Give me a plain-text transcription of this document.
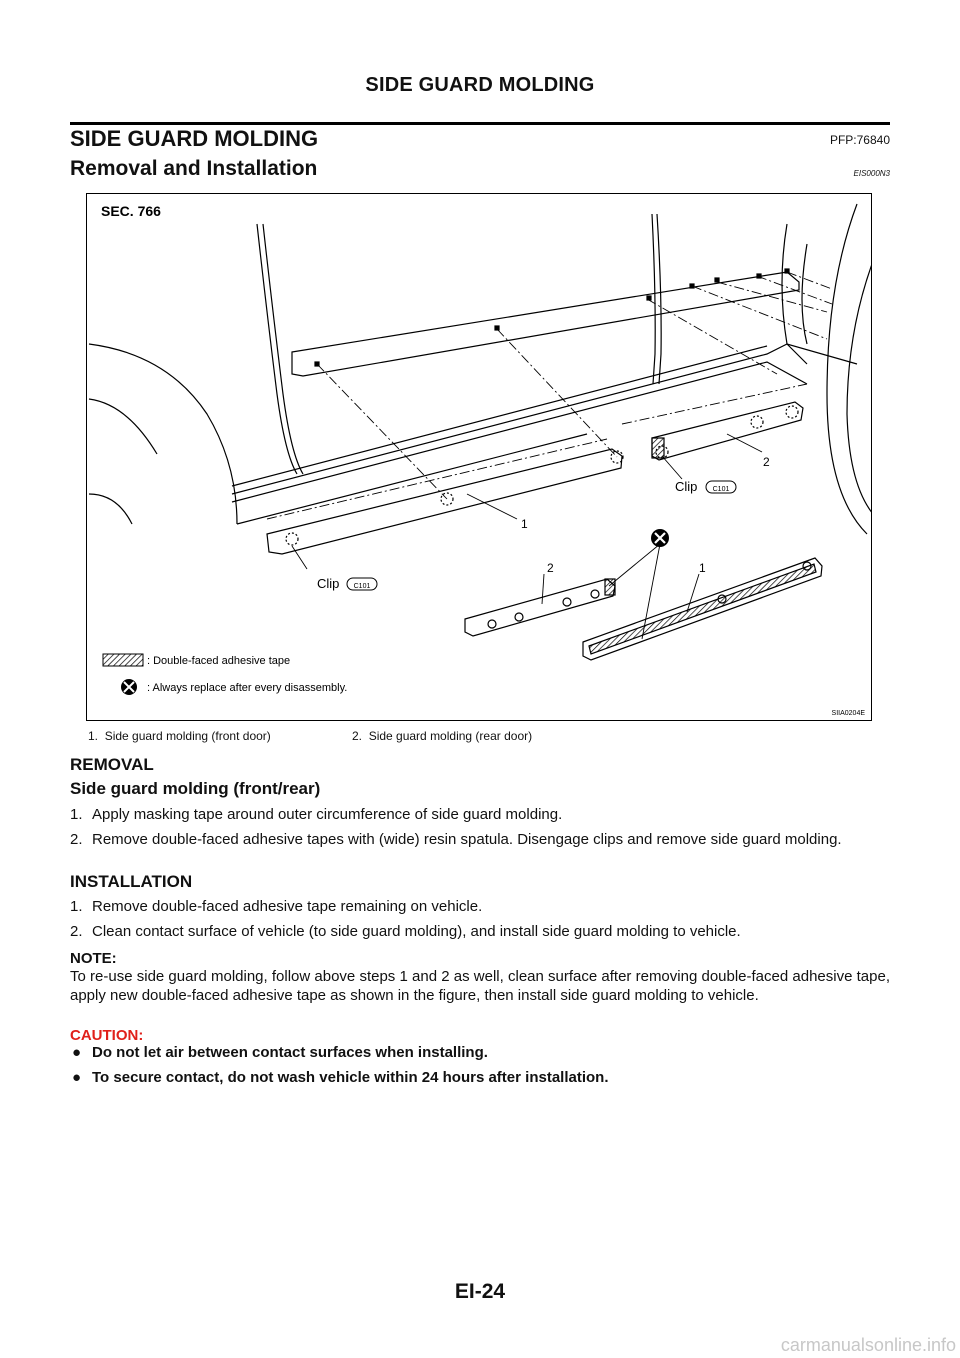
SIDE GUARD MOLDING
SIDE GUARD MOLDING	PFP:76840
Removal and Installation	EIS000N3
SEC. 766
1
2
2	1
Clip C101
Clip C101
: Double-faced adhesive tape
: Always replace after every disassembly.
SIIA0204E
1. Side guard molding (front door)	2. Side guard molding (rear door)
REMOVAL
Side guard molding (front/rear)
1. Apply masking tape around outer circumference of side guard molding.
2. Remove double-faced adhesive tapes with (wide) resin spatula. Disengage clips and remove side guard molding.
INSTALLATION
1. Remove double-faced adhesive tape remaining on vehicle.
2. Clean contact surface of vehicle (to side guard molding), and install side guard molding to vehicle.
NOTE:
To re-use side guard molding, follow above steps 1 and 2 as well, clean surface after removing double-faced adhesive tape, apply new double-faced adhesive tape as shown in the figure, then install side guard molding to vehicle.
CAUTION:
● Do not let air between contact surfaces when installing.
● To secure contact, do not wash vehicle within 24 hours after installation.
EI-24
carmanualsonline.info
